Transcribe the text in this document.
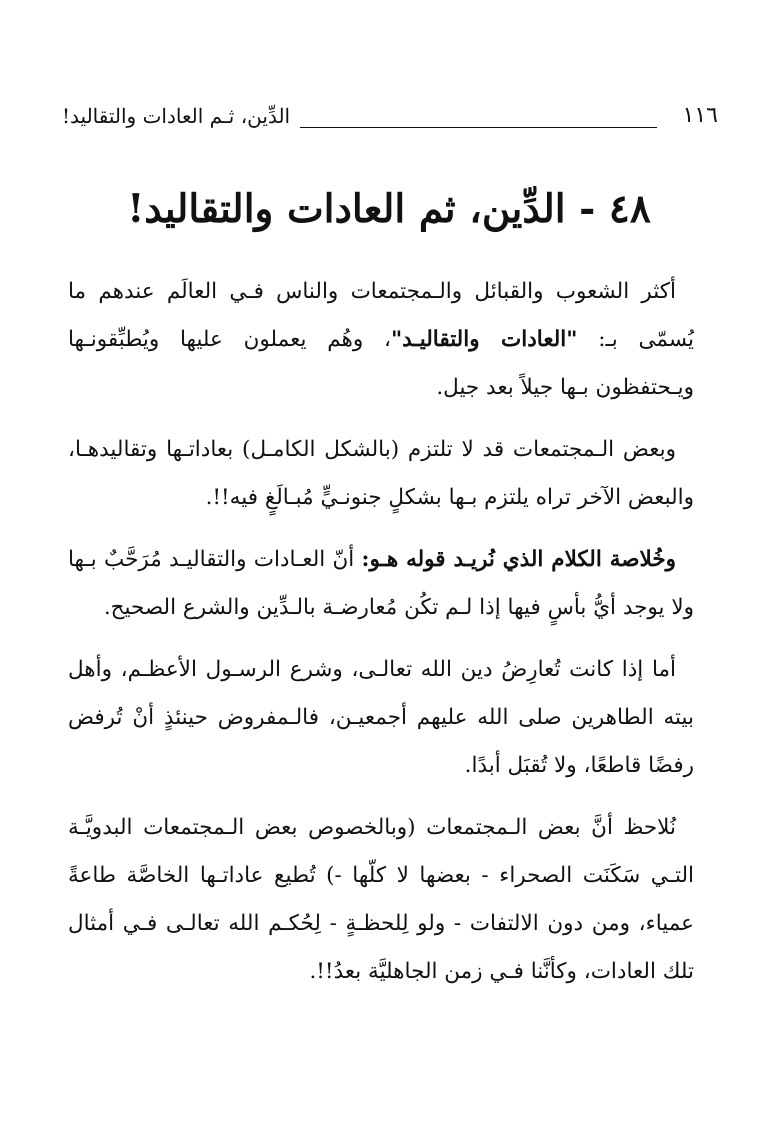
١١٦
الدِّين، ثـم العادات والتقاليد!
٤٨ - الدِّين، ثم العادات والتقاليد!

أكثر الشعوب والقبائل والـمجتمعات والناس فـي العالَم عندهم ما يُسمّى بـ: "العادات والتقاليـد"، وهُم يعملون عليها ويُطبِّقونـها ويـحتفظون بـها جيلاً بعد جيل.

وبعض الـمجتمعات قد لا تلتزم (بالشكل الكامـل) بعاداتـها وتقاليدهـا، والبعض الآخر تراه يلتزم بـها بشكلٍ جنونـيٍّ مُبـالَغٍ فيه!!.

وخُلاصة الكلام الذي نُريـد قوله هـو: أنّ العـادات والتقاليـد مُرَحَّبٌ بـها ولا يوجد أيُّ بأسٍ فيها إذا لـم تكُن مُعارضـة بالـدِّين والشرع الصحيح.

أما إذا كانت تُعارِضُ دين الله تعالـى، وشرع الرسـول الأعظـم، وأهل بيته الطاهرين صلى الله عليهم أجمعيـن، فالـمفروض حينئذٍ أنْ تُرفض رفضًا قاطعًا، ولا تُقبَل أبدًا.

نُلاحظ أنَّ بعض الـمجتمعات (وبالخصوص بعض الـمجتمعات البدويَّـة التـي سَكَنَت الصحراء - بعضها لا كلّها -) تُطيع عاداتـها الخاصَّة طاعةً عمياء، ومن دون الالتفات - ولو لِلحظـةٍ - لِحُكـم الله تعالـى فـي أمثال تلك العادات، وكأنَّنا فـي زمن الجاهليَّة بعدُ!!.
